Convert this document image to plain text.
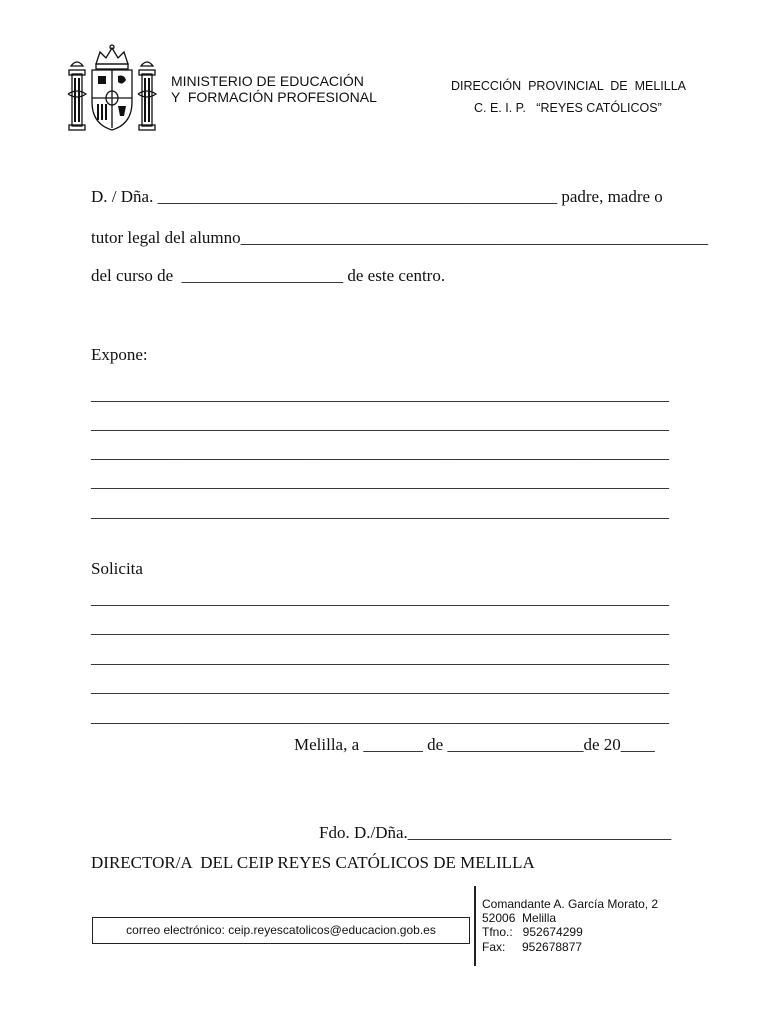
MINISTERIO DE EDUCACIÓN
Y  FORMACIÓN PROFESIONAL
DIRECCIÓN  PROVINCIAL  DE  MELILLA
C. E. I. P.   “REYES CATÓLICOS”
D. / Dña. _______________________________________________ padre, madre o
tutor legal del alumno_______________________________________________________
del curso de  ___________________ de este centro.
Expone:
____________________________________________________________________
____________________________________________________________________
____________________________________________________________________
____________________________________________________________________
____________________________________________________________________
Solicita
____________________________________________________________________
____________________________________________________________________
____________________________________________________________________
____________________________________________________________________
____________________________________________________________________
Melilla, a _______ de ________________de 20____
Fdo. D./Dña._______________________________
DIRECTOR/A  DEL CEIP REYES CATÓLICOS DE MELILLA
correo electrónico: ceip.reyescatolicos@educacion.gob.es
Comandante A. García Morato, 2
52006  Melilla
Tfno.:   952674299
Fax:     952678877
